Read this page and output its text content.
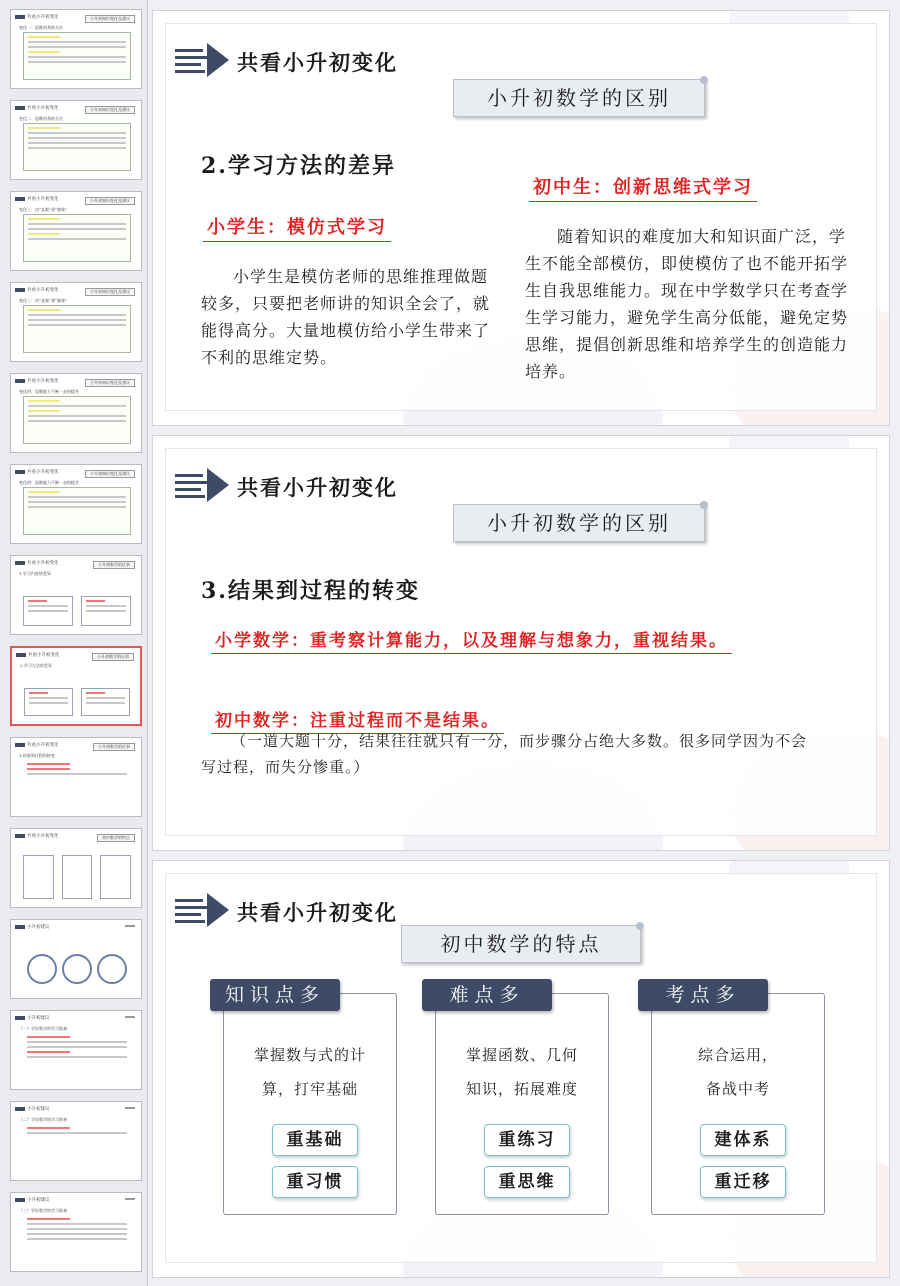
共看小升初变化	小升初知识变化及建议
变化一：思维培养的方法
共看小升初变化	小升初知识变化及建议
变化二：思维培养的方法
共看小升初变化	小升初知识变化及建议
变化三：由“直观”到“抽象”
共看小升初变化	小升初知识变化及建议
变化三：由“直观”到“抽象”
共看小升初变化	小升初知识变化及建议
变化四：思维能力不断一步的提升
共看小升初变化	小升初知识变化及建议
变化四：思维能力不断一步的提升
共看小升初变化	小升初数学的区别
1.学习内容的差异
共看小升初变化	小升初数学的区别
2.学习方法的差异
共看小升初变化	小升初数学的区别
3.结果到过程的转变
共看小升初变化	初中数学的特点
小升初建议
小升初建议
（一）学好数学的学习准备
小升初建议
（二）学好数学的学习准备
小升初建议
（三）学好数学的学习准备
共看小升初变化
小升初数学的区别
2.学习方法的差异
小学生：模仿式学习
小学生是模仿老师的思维推理做题较多，只要把老师讲的知识全会了，就能得高分。大量地模仿给小学生带来了不利的思维定势。
初中生：创新思维式学习
随着知识的难度加大和知识面广泛，学生不能全部模仿，即使模仿了也不能开拓学生自我思维能力。现在中学数学只在考查学生学习能力，避免学生高分低能，避免定势思维，提倡创新思维和培养学生的创造能力培养。
共看小升初变化
小升初数学的区别
3.结果到过程的转变
小学数学：重考察计算能力，以及理解与想象力，重视结果。
初中数学：注重过程而不是结果。
（一道大题十分，结果往往就只有一分，而步骤分占绝大多数。很多同学因为不会写过程，而失分惨重。）
共看小升初变化
初中数学的特点
知识点多
掌握数与式的计
算，打牢基础
重基础
重习惯
难点多
掌握函数、几何
知识，拓展难度
重练习
重思维
考点多
综合运用，
备战中考
建体系
重迁移
